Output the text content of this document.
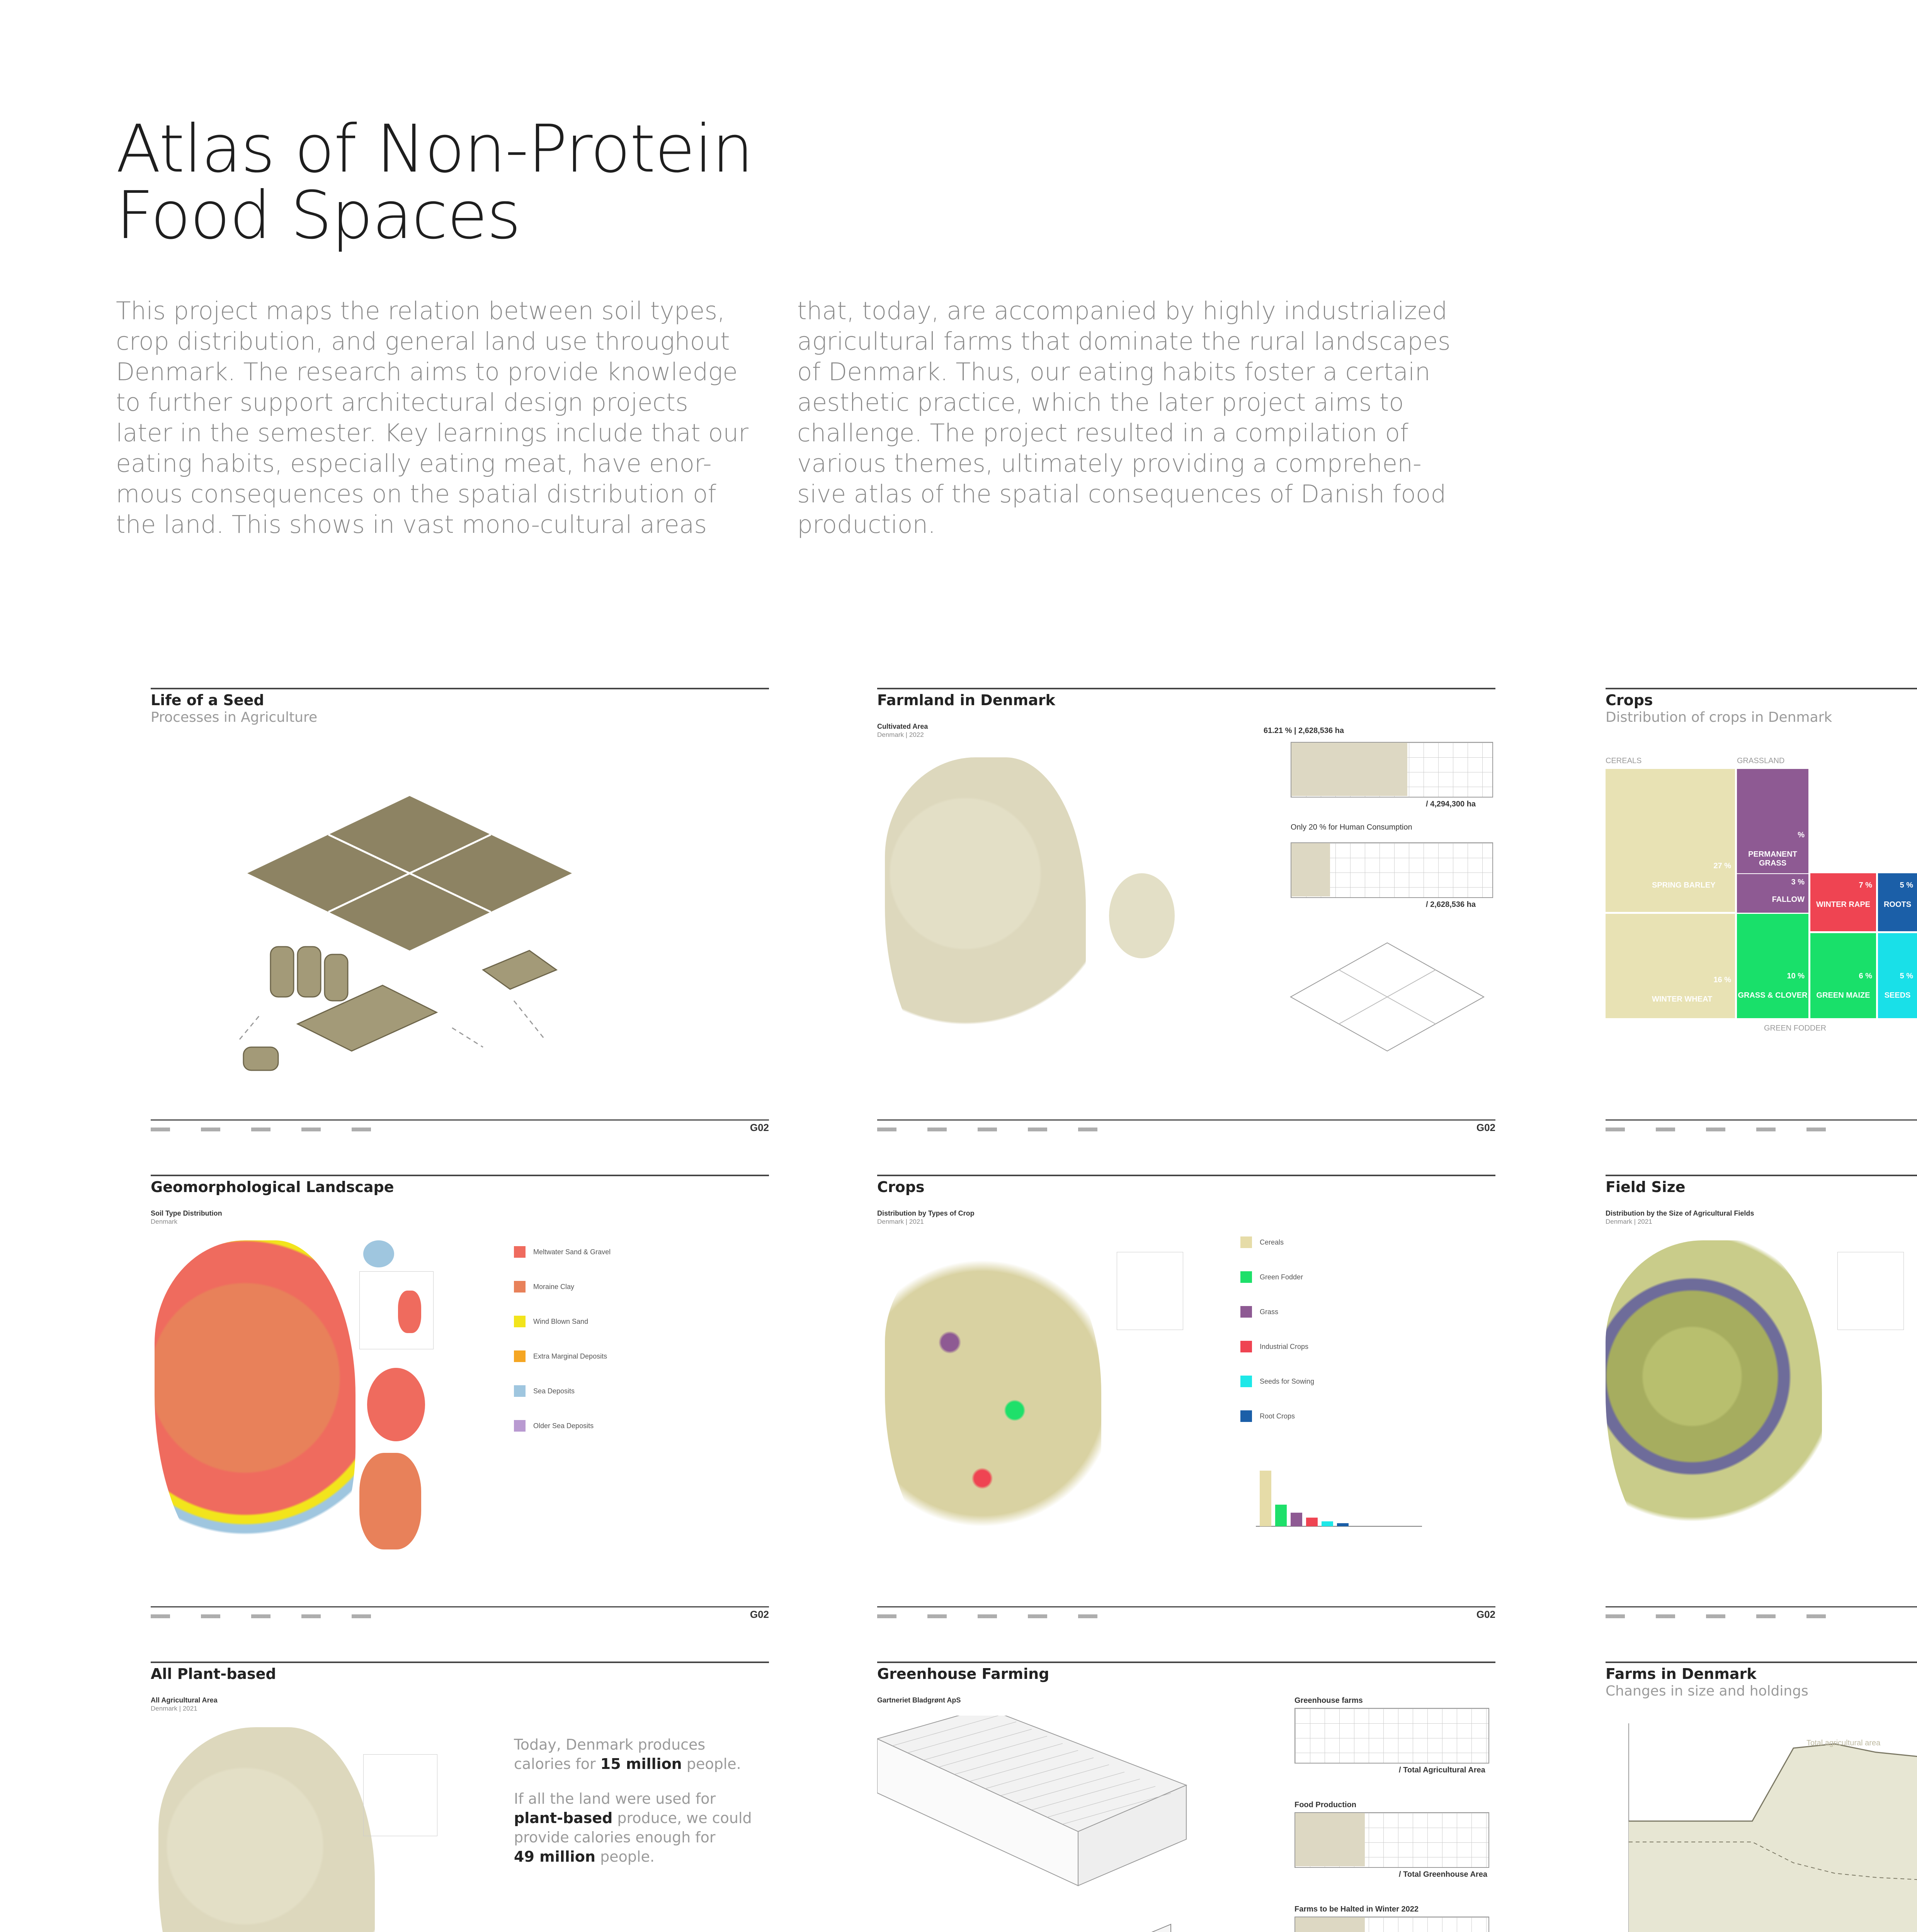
Atlas of Non-Protein
Food Spaces
This project maps the relation between soil types,
crop distribution, and general land use throughout
Denmark. The research aims to provide knowledge
to further support architectural design projects
later in the semester. Key learnings include that our
eating habits, especially eating meat, have enor-
mous consequences on the spatial distribution of
the land. This shows in vast mono-cultural areas
that, today, are accompanied by highly industrialized
agricultural farms that dominate the rural landscapes
of Denmark. Thus, our eating habits foster a certain
aesthetic practice, which the later project aims to
challenge. The project resulted in a compilation of
various themes, ultimately providing a comprehen-
sive atlas of the spatial consequences of Danish food
production.
Life of a Seed
Processes in Agriculture
G02
Farmland in Denmark
Cultivated Area
Denmark | 2022	61.21 % | 2,628,536 ha
/ 4,294,300 ha
Only 20 % for Human Consumption
/ 2,628,536 ha
G02
Crops
Distribution of crops in Denmark
CEREALS	GRASSLAND
27 %
SPRING BARLEY
16 %
WINTER WHEAT
%
PERMANENT GRASS
3 %
FALLOW
7 %
WINTER RAPE
5 %
ROOTS
10 %
GRASS & CLOVER
6 %
GREEN MAIZE
5 %
SEEDS
GREEN FODDER
Geomorphological Landscape
Soil Type Distribution
Denmark
Meltwater Sand & Gravel
Moraine Clay
Wind Blown Sand
Extra Marginal Deposits
Sea Deposits
Older Sea Deposits
G02
Crops
Distribution by Types of Crop
Denmark | 2021
Cereals
Green Fodder
Grass
Industrial Crops
Seeds for Sowing
Root Crops
G02
Field Size
Distribution by the Size of Agricultural Fields
Denmark | 2021
All Plant-based
All Agricultural Area
Denmark | 2021
Today, Denmark produces
calories for 15 million people.
If all the land were used for
plant-based produce, we could
provide calories enough for
49 million people.
Greenhouse Farming
Gartneriet Bladgrønt ApS	Greenhouse farms
/ Total Agricultural Area
Food Production
/ Total Greenhouse Area
Farms to be Halted in Winter 2022
Farms in Denmark
Changes in size and holdings
Total agricultural area
